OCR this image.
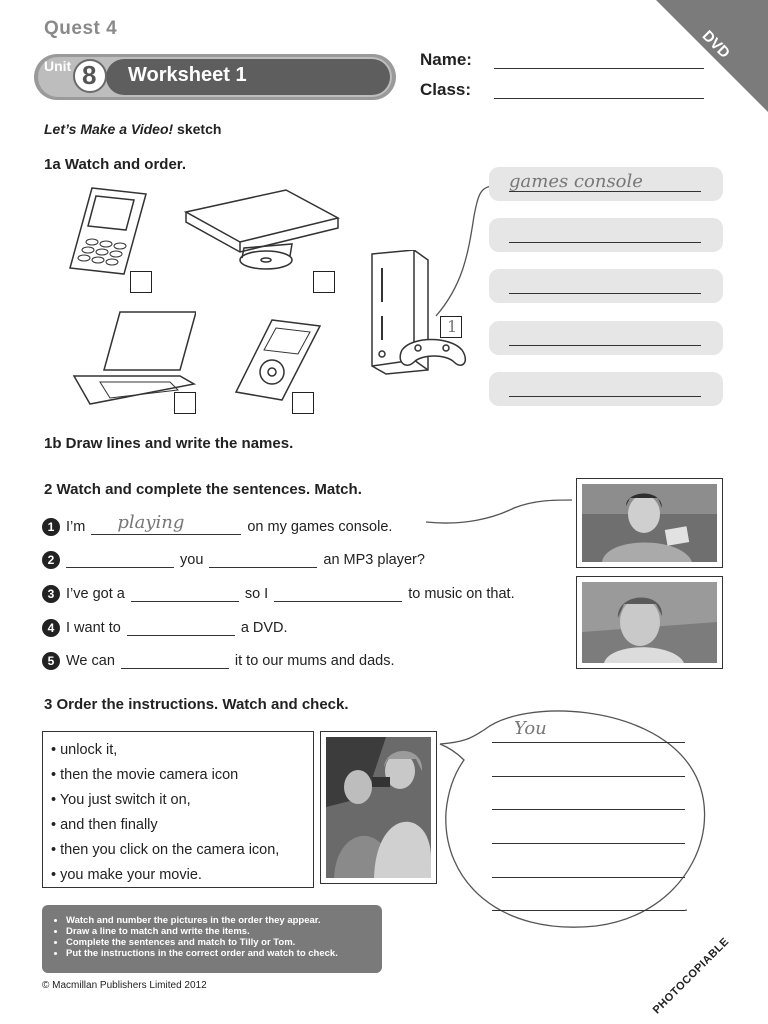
Quest 4
Unit 8 Worksheet 1
Name:
Class:
DVD
Let’s Make a Video! sketch
1a Watch and order.
1
games console
1b Draw lines and write the names.
2 Watch and complete the sentences. Match.
1 I’m playing	on my games console.
2	you	an MP3 player?
3 I’ve got a	so I	to music on that.
4 I want to	a DVD.
5 We can	it to our mums and dads.
3 Order the instructions. Watch and check.
• unlock it,
• then the movie camera icon
• You just switch it on,
• and then finally
• then you click on the camera icon,
• you make your movie.
You
.
• Watch and number the pictures in the order they appear.
• Draw a line to match and write the items.
• Complete the sentences and match to Tilly or Tom.
• Put the instructions in the correct order and watch to check.
© Macmillan Publishers Limited 2012	PHOTOCOPIABLE
